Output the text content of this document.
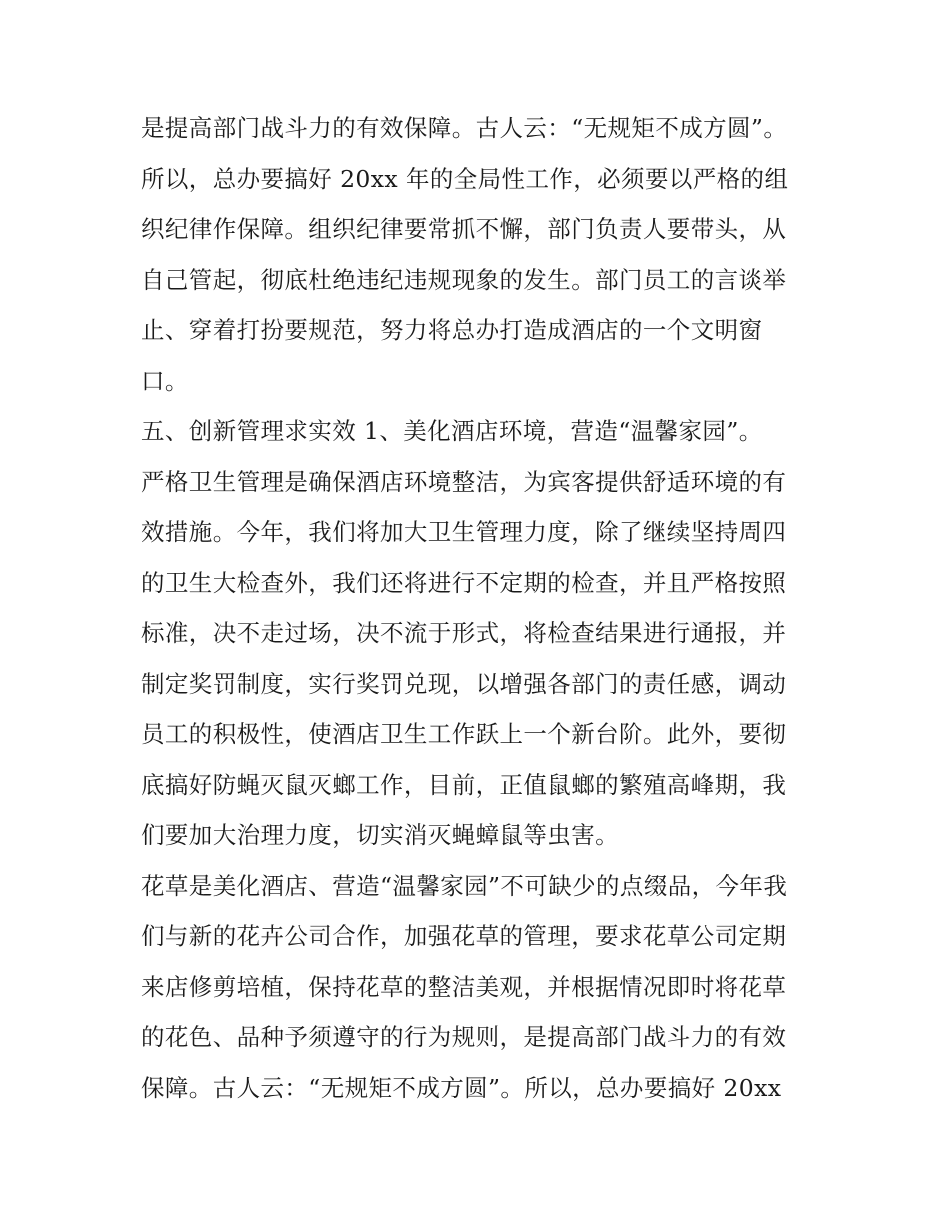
是提高部门战斗力的有效保障。古人云：“无规矩不成方圆”。
所以，总办要搞好 20xx 年的全局性工作，必须要以严格的组
织纪律作保障。组织纪律要常抓不懈，部门负责人要带头，从
自己管起，彻底杜绝违纪违规现象的发生。部门员工的言谈举
止、穿着打扮要规范，努力将总办打造成酒店的一个文明窗
口。
五、创新管理求实效 1、美化酒店环境，营造“温馨家园”。
严格卫生管理是确保酒店环境整洁，为宾客提供舒适环境的有
效措施。今年，我们将加大卫生管理力度，除了继续坚持周四
的卫生大检查外，我们还将进行不定期的检查，并且严格按照
标准，决不走过场，决不流于形式，将检查结果进行通报，并
制定奖罚制度，实行奖罚兑现，以增强各部门的责任感，调动
员工的积极性，使酒店卫生工作跃上一个新台阶。此外，要彻
底搞好防蝇灭鼠灭螂工作，目前，正值鼠螂的繁殖高峰期，我
们要加大治理力度，切实消灭蝇蟑鼠等虫害。
花草是美化酒店、营造“温馨家园”不可缺少的点缀品，今年我
们与新的花卉公司合作，加强花草的管理，要求花草公司定期
来店修剪培植，保持花草的整洁美观，并根据情况即时将花草
的花色、品种予须遵守的行为规则，是提高部门战斗力的有效
保障。古人云：“无规矩不成方圆”。所以，总办要搞好 20xx
